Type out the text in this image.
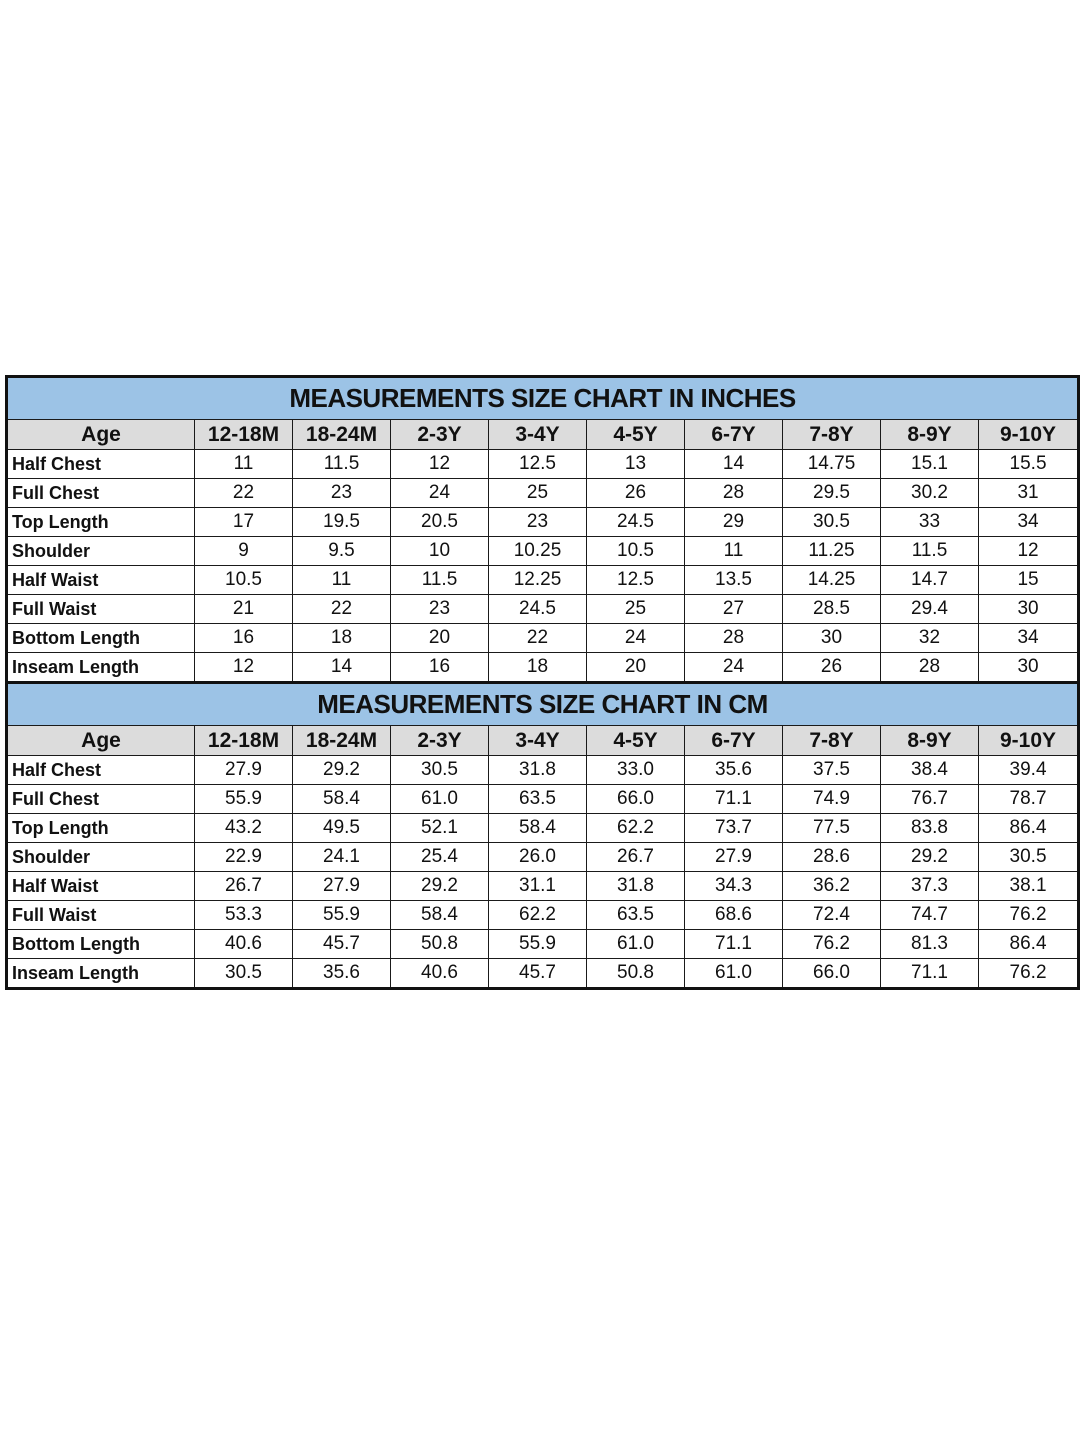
MEASUREMENTS SIZE CHART IN INCHES									
Age	12-18M	18-24M	2-3Y	3-4Y	4-5Y	6-7Y	7-8Y	8-9Y	9-10Y
Half Chest	11	11.5	12	12.5	13	14	14.75	15.1	15.5
Full Chest	22	23	24	25	26	28	29.5	30.2	31
Top Length	17	19.5	20.5	23	24.5	29	30.5	33	34
Shoulder	9	9.5	10	10.25	10.5	11	11.25	11.5	12
Half Waist	10.5	11	11.5	12.25	12.5	13.5	14.25	14.7	15
Full Waist	21	22	23	24.5	25	27	28.5	29.4	30
Bottom Length	16	18	20	22	24	28	30	32	34
Inseam Length	12	14	16	18	20	24	26	28	30
MEASUREMENTS SIZE CHART IN CM									
Age	12-18M	18-24M	2-3Y	3-4Y	4-5Y	6-7Y	7-8Y	8-9Y	9-10Y
Half Chest	27.9	29.2	30.5	31.8	33.0	35.6	37.5	38.4	39.4
Full Chest	55.9	58.4	61.0	63.5	66.0	71.1	74.9	76.7	78.7
Top Length	43.2	49.5	52.1	58.4	62.2	73.7	77.5	83.8	86.4
Shoulder	22.9	24.1	25.4	26.0	26.7	27.9	28.6	29.2	30.5
Half Waist	26.7	27.9	29.2	31.1	31.8	34.3	36.2	37.3	38.1
Full Waist	53.3	55.9	58.4	62.2	63.5	68.6	72.4	74.7	76.2
Bottom Length	40.6	45.7	50.8	55.9	61.0	71.1	76.2	81.3	86.4
Inseam Length	30.5	35.6	40.6	45.7	50.8	61.0	66.0	71.1	76.2
